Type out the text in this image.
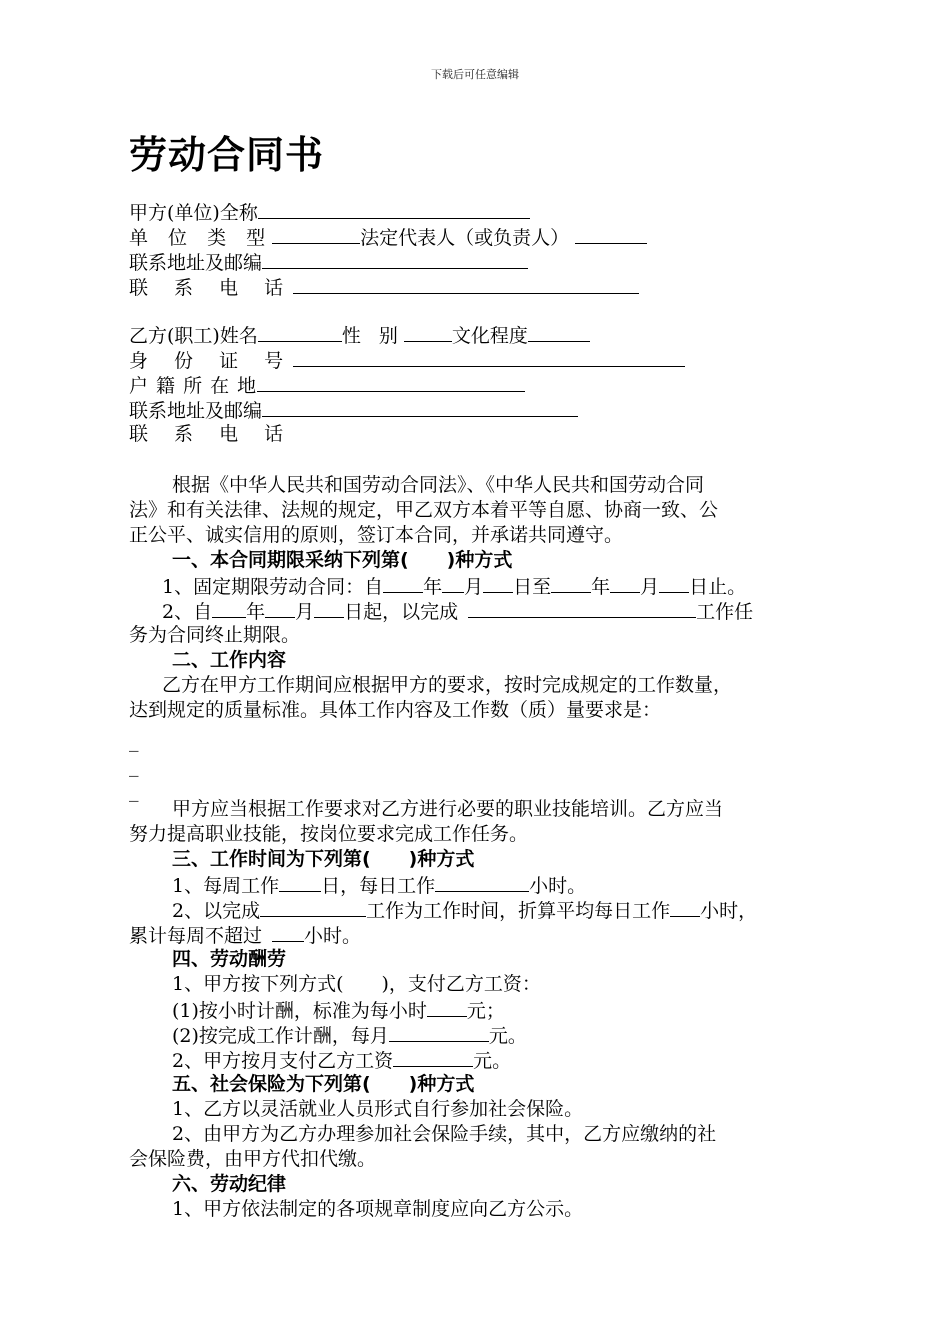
下载后可任意编辑
劳动合同书
甲方(单位)全称
单 位 类 型	法定代表人（或负责人）
联系地址及邮编
联 系 电 话
乙方(职工)姓名	性 别	文化程度
身 份 证 号
户 籍 所 在 地
联系地址及邮编
联 系 电 话
根据《中华人民共和国劳动合同法》、《中华人民共和国劳动合同
法》和有关法律、法规的规定，甲乙双方本着平等自愿、协商一致、公
正公平、诚实信用的原则，签订本合同，并承诺共同遵守。
一、本合同期限采纳下列第(　　)种方式
1、固定期限劳动合同：自 年 月 日至 年 月 日止。
2、自 年 月 日起，以完成	工作任
务为合同终止期限。
二、工作内容
乙方在甲方工作期间应根据甲方的要求，按时完成规定的工作数量，
达到规定的质量标准。具体工作内容及工作数（质）量要求是：
_
_
_
甲方应当根据工作要求对乙方进行必要的职业技能培训。乙方应当
努力提高职业技能，按岗位要求完成工作任务。
三、工作时间为下列第(　　)种方式
1、每周工作 日，每日工作	小时。
2、以完成	工作为工作时间，折算平均每日工作 小时，
累计每周不超过 小时。
四、劳动酬劳
1、甲方按下列方式(　　)，支付乙方工资：
(1)按小时计酬，标准为每小时 元；
(2)按完成工作计酬，每月	元。
2、甲方按月支付乙方工资	元。
五、社会保险为下列第(　　)种方式
1、乙方以灵活就业人员形式自行参加社会保险。
2、由甲方为乙方办理参加社会保险手续，其中，乙方应缴纳的社
会保险费，由甲方代扣代缴。
六、劳动纪律
1、甲方依法制定的各项规章制度应向乙方公示。
